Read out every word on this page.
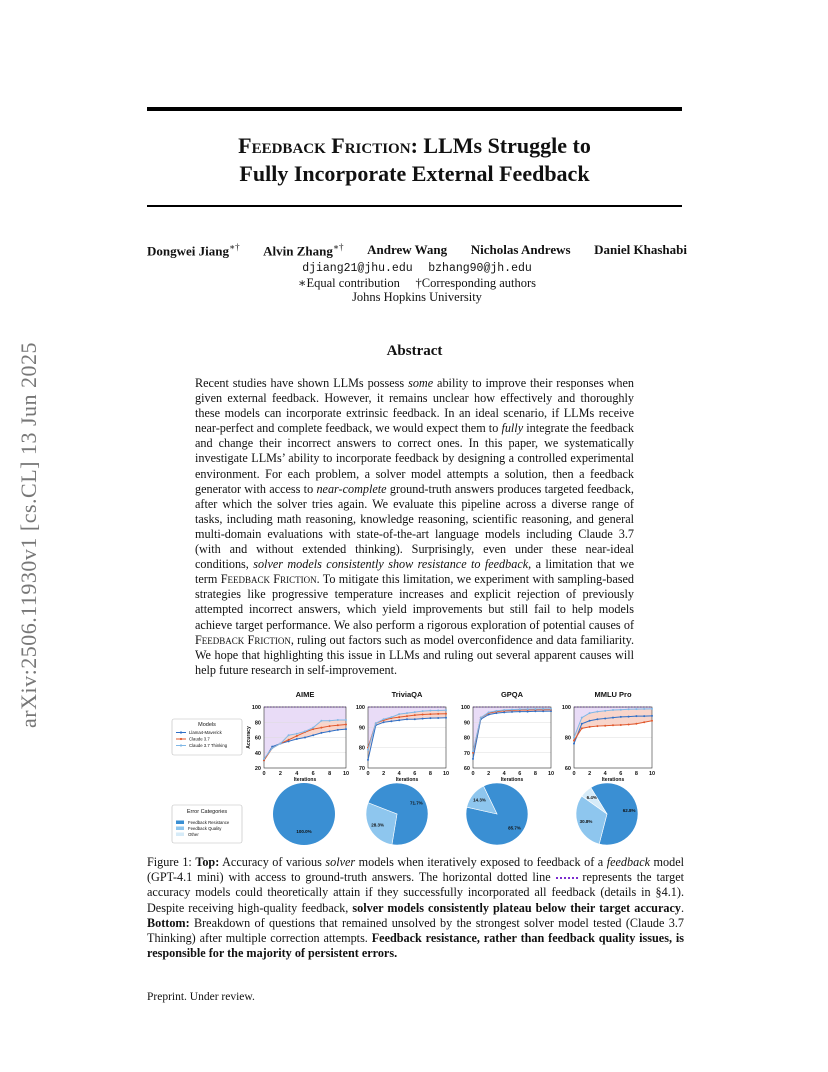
arXiv:2506.11930v1 [cs.CL] 13 Jun 2025
Feedback Friction: LLMs Struggle to
Fully Incorporate External Feedback
Dongwei Jiang∗† Alvin Zhang∗† Andrew Wang Nicholas Andrews Daniel Khashabi
djiang21@jhu.edu bzhang90@jh.edu
∗Equal contribution †Corresponding authors
Johns Hopkins University
Abstract
Recent studies have shown LLMs possess some ability to improve their responses when given external feedback. However, it remains unclear how effectively and thoroughly these models can incorporate extrinsic feedback. In an ideal scenario, if LLMs receive near-perfect and complete feedback, we would expect them to fully integrate the feedback and change their incorrect answers to correct ones. In this paper, we systematically investigate LLMs’ ability to incorporate feedback by designing a controlled experimental environment. For each problem, a solver model attempts a solution, then a feedback generator with access to near-complete ground-truth answers produces targeted feedback, after which the solver tries again. We evaluate this pipeline across a diverse range of tasks, including math reasoning, knowledge reasoning, scientific reasoning, and general multi-domain evaluations with state-of-the-art language models including Claude 3.7 (with and without extended thinking). Surprisingly, even under these near-ideal conditions, solver models consistently show resistance to feedback, a limitation that we term Feedback Friction. To mitigate this limitation, we experiment with sampling-based strategies like progressive temperature increases and explicit rejection of previously attempted incorrect answers, which yield improvements but still fail to help models achieve target performance. We also perform a rigorous exploration of potential causes of Feedback Friction, ruling out factors such as model overconfidence and data familiarity. We hope that highlighting this issue in LLMs and ruling out several apparent causes will help future research in self-improvement.
20
40
60
80
100
0 2 4 6 8 10
AIME
Iterations
Accuracy
70
80
90
100
0 2 4 6 8 10
TriviaQA
Iterations
60
70
80
90
100
0 2 4 6 8 10
GPQA
Iterations
60
80
100
0 2 4 6 8 10
MMLU Pro
Iterations
Models
Llama4-Maverick
Claude 3.7
Claude 3.7 Thinking
100.0%
71.7%
28.3%
85.7%
14.3%
62.8%
30.8%
6.4%
Error Categories
Feedback Resistance
Feedback Quality
Other
Figure 1: Top: Accuracy of various solver models when iteratively exposed to feedback of a feedback model (GPT-4.1 mini) with access to ground-truth answers. The horizontal dotted line  represents the target accuracy models could theoretically attain if they successfully incorporated all feedback (details in §4.1). Despite receiving high-quality feedback, solver models consistently plateau below their target accuracy. Bottom: Breakdown of questions that remained unsolved by the strongest solver model tested (Claude 3.7 Thinking) after multiple correction attempts. Feedback resistance, rather than feedback quality issues, is responsible for the majority of persistent errors.
Preprint. Under review.
